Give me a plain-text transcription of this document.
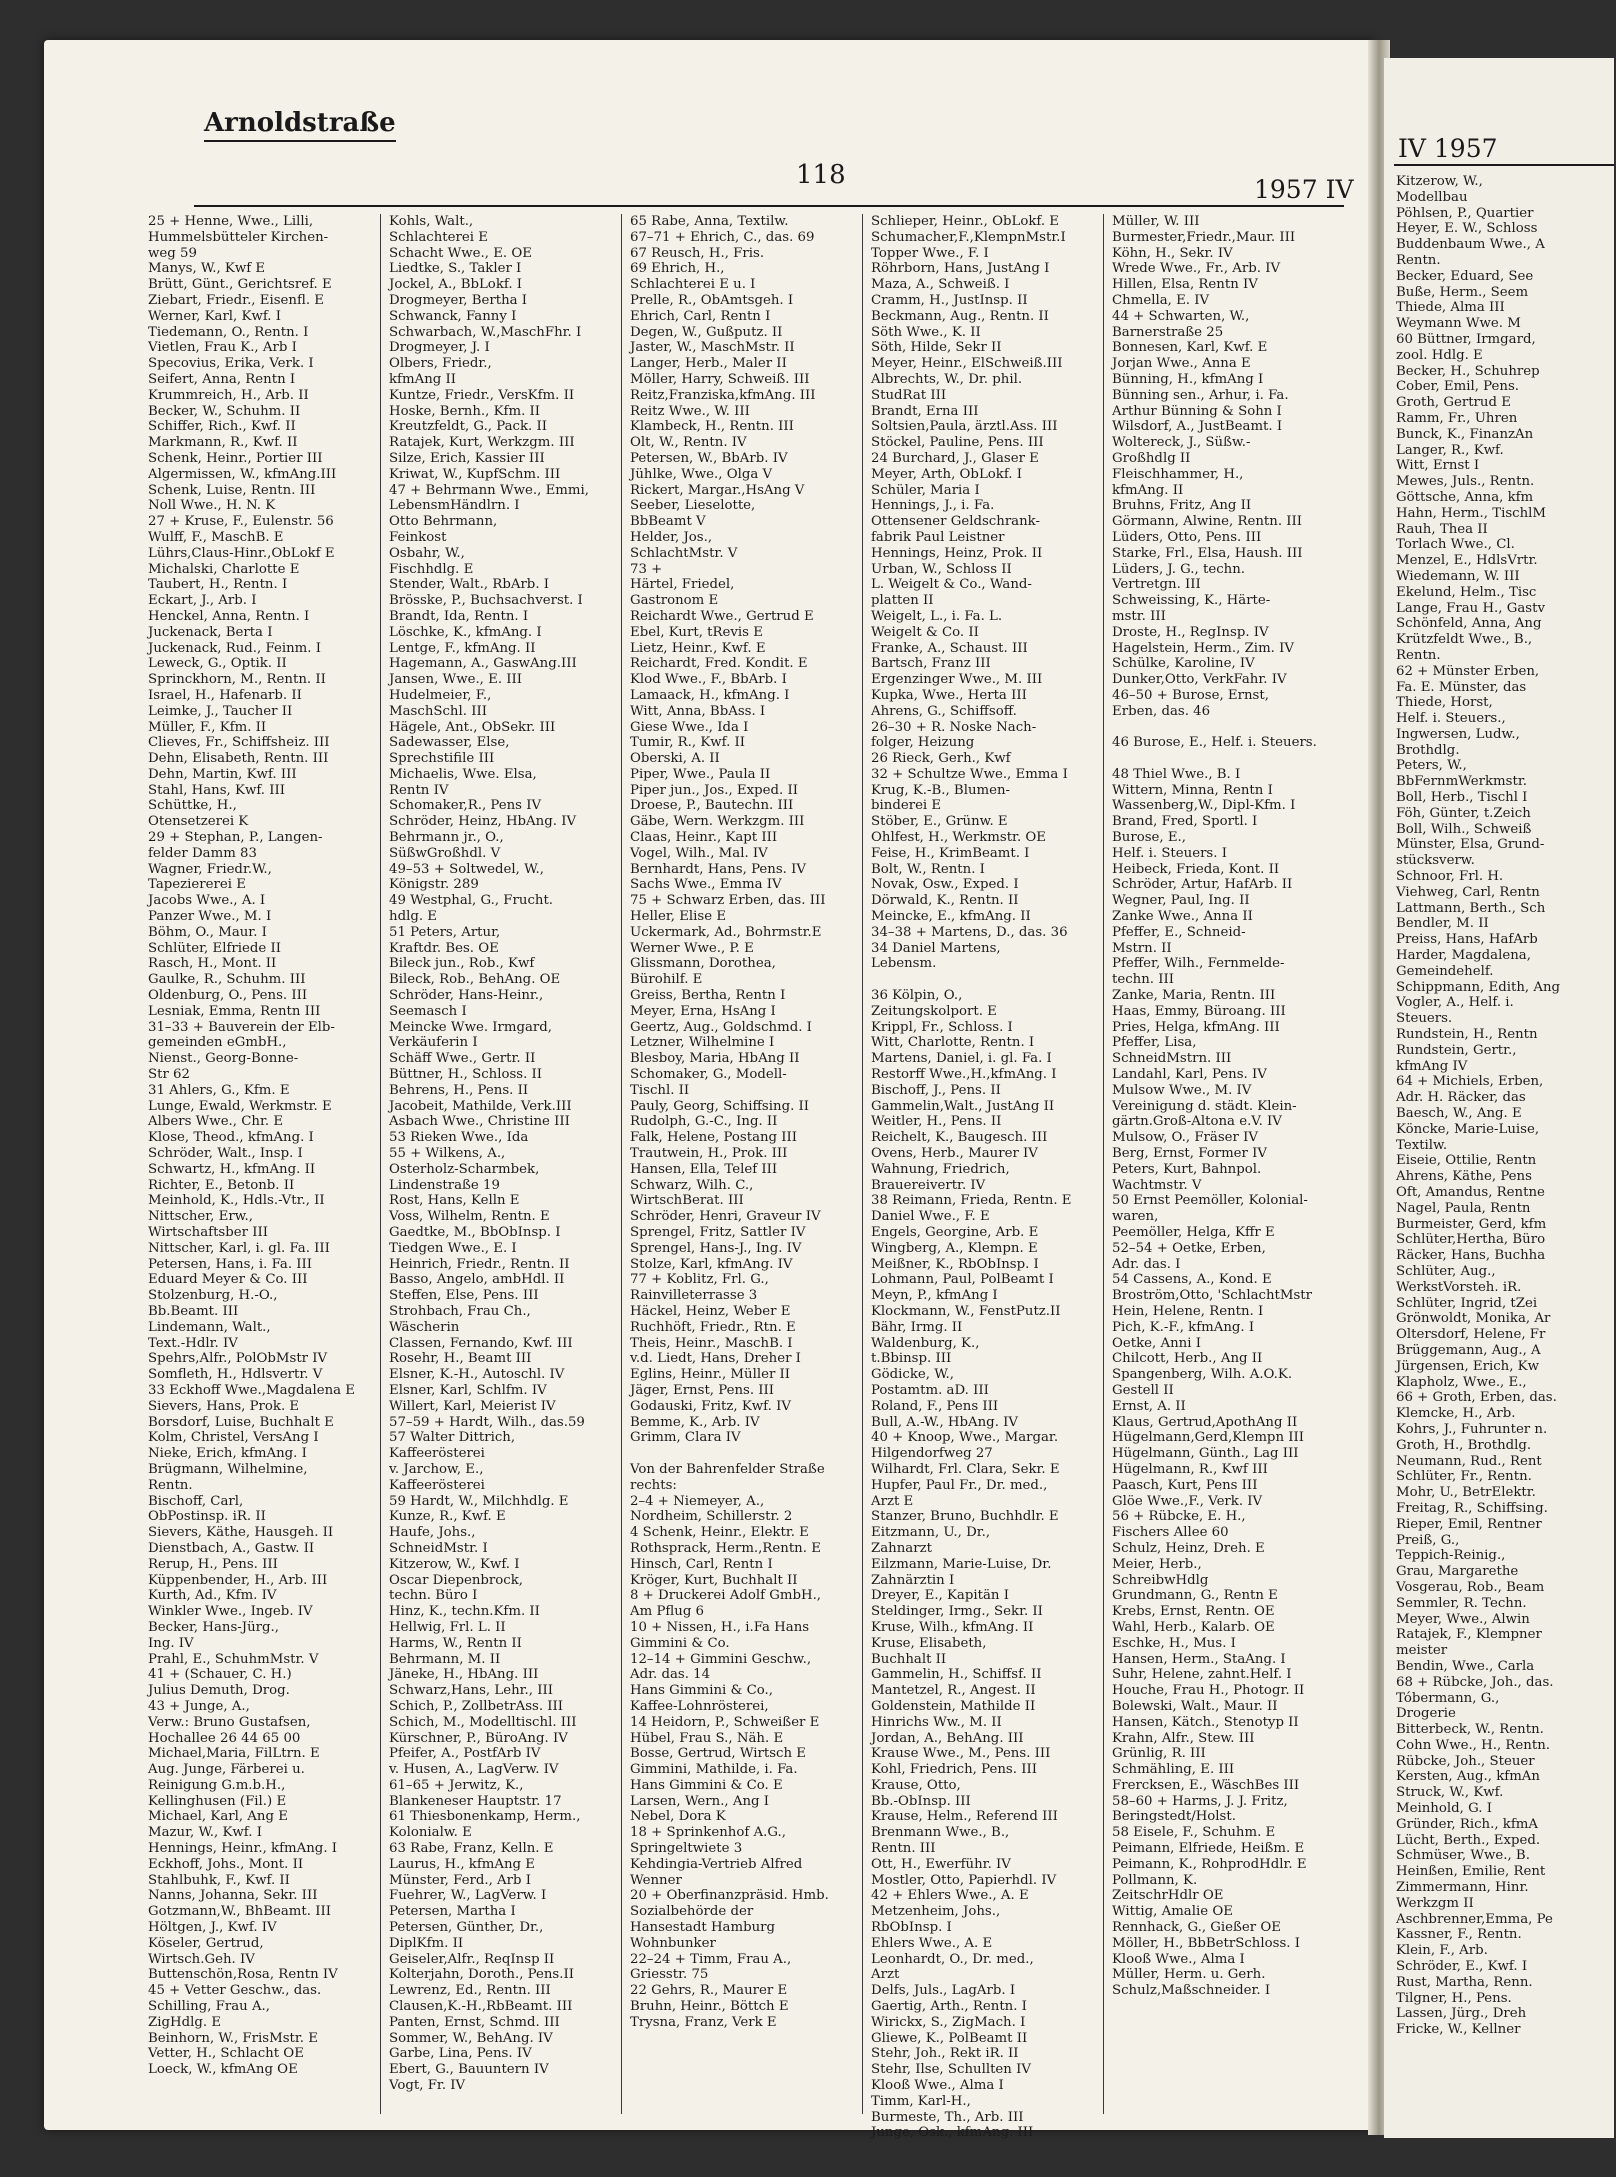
Arnoldstraße
118	1957 IV
25 + Henne, Wwe., Lilli,
Hummelsbütteler Kirchen-
weg 59
Manys, W., Kwf E
Brütt, Günt., Gerichtsref. E
Ziebart, Friedr., Eisenfl. E
Werner, Karl, Kwf. I
Tiedemann, O., Rentn. I
Vietlen, Frau K., Arb I
Specovius, Erika, Verk. I
Seifert, Anna, Rentn I
Krummreich, H., Arb. II
Becker, W., Schuhm. II
Schiffer, Rich., Kwf. II
Markmann, R., Kwf. II
Schenk, Heinr., Portier III
Algermissen, W., kfmAng.III
Schenk, Luise, Rentn. III
Noll Wwe., H. N. K
27 + Kruse, F., Eulenstr. 56
Wulff, F., MaschB. E
Lührs,Claus-Hinr.,ObLokf E
Michalski, Charlotte E
Taubert, H., Rentn. I
Eckart, J., Arb. I
Henckel, Anna, Rentn. I
Juckenack, Berta I
Juckenack, Rud., Feinm. I
Leweck, G., Optik. II
Sprinckhorn, M., Rentn. II
Israel, H., Hafenarb. II
Leimke, J., Taucher II
Müller, F., Kfm. II
Clieves, Fr., Schiffsheiz. III
Dehn, Elisabeth, Rentn. III
Dehn, Martin, Kwf. III
Stahl, Hans, Kwf. III
Schüttke, H.,
Otensetzerei K
29 + Stephan, P., Langen-
felder Damm 83
Wagner, Friedr.W.,
Tapeziererei E
Jacobs Wwe., A. I
Panzer Wwe., M. I
Böhm, O., Maur. I
Schlüter, Elfriede II
Rasch, H., Mont. II
Gaulke, R., Schuhm. III
Oldenburg, O., Pens. III
Lesniak, Emma, Rentn III
31–33 + Bauverein der Elb-
gemeinden eGmbH.,
Nienst., Georg-Bonne-
Str 62
31 Ahlers, G., Kfm. E
Lunge, Ewald, Werkmstr. E
Albers Wwe., Chr. E
Klose, Theod., kfmAng. I
Schröder, Walt., Insp. I
Schwartz, H., kfmAng. II
Richter, E., Betonb. II
Meinhold, K., Hdls.-Vtr., II
Nittscher, Erw.,
Wirtschaftsber III
Nittscher, Karl, i. gl. Fa. III
Petersen, Hans, i. Fa. III
Eduard Meyer & Co. III
Stolzenburg, H.-O.,
Bb.Beamt. III
Lindemann, Walt.,
Text.-Hdlr. IV
Spehrs,Alfr., PolObMstr IV
Somfleth, H., Hdlsvertr. V
33 Eckhoff Wwe.,Magdalena E
Sievers, Hans, Prok. E
Borsdorf, Luise, Buchhalt E
Kolm, Christel, VersAng I
Nieke, Erich, kfmAng. I
Brügmann, Wilhelmine,
Rentn.
Bischoff, Carl,
ObPostinsp. iR. II
Sievers, Käthe, Hausgeh. II
Dienstbach, A., Gastw. II
Rerup, H., Pens. III
Küppenbender, H., Arb. III
Kurth, Ad., Kfm. IV
Winkler Wwe., Ingeb. IV
Becker, Hans-Jürg.,
Ing. IV
Prahl, E., SchuhmMstr. V
41 + (Schauer, C. H.)
Julius Demuth, Drog.
43 + Junge, A.,
Verw.: Bruno Gustafsen,
Hochallee 26 44 65 00
Michael,Maria, FilLtrn. E
Aug. Junge, Färberei u.
Reinigung G.m.b.H.,
Kellinghusen (Fil.) E
Michael, Karl, Ang E
Mazur, W., Kwf. I
Hennings, Heinr., kfmAng. I
Eckhoff, Johs., Mont. II
Stahlbuhk, F., Kwf. II
Nanns, Johanna, Sekr. III
Gotzmann,W., BhBeamt. III
Höltgen, J., Kwf. IV
Köseler, Gertrud,
Wirtsch.Geh. IV
Buttenschön,Rosa, Rentn IV
45 + Vetter Geschw., das.
Schilling, Frau A.,
ZigHdlg. E
Beinhorn, W., FrisMstr. E
Vetter, H., Schlacht OE
Loeck, W., kfmAng OE
Kohls, Walt.,
Schlachterei E
Schacht Wwe., E. OE
Liedtke, S., Takler I
Jockel, A., BbLokf. I
Drogmeyer, Bertha I
Schwanck, Fanny I
Schwarbach, W.,MaschFhr. I
Drogmeyer, J. I
Olbers, Friedr.,
kfmAng II
Kuntze, Friedr., VersKfm. II
Hoske, Bernh., Kfm. II
Kreutzfeldt, G., Pack. II
Ratajek, Kurt, Werkzgm. III
Silze, Erich, Kassier III
Kriwat, W., KupfSchm. III
47 + Behrmann Wwe., Emmi,
LebensmHändlrn. I
Otto Behrmann,
Feinkost
Osbahr, W.,
Fischhdlg. E
Stender, Walt., RbArb. I
Brösske, P., Buchsachverst. I
Brandt, Ida, Rentn. I
Löschke, K., kfmAng. I
Lentge, F., kfmAng. II
Hagemann, A., GaswAng.III
Jansen, Wwe., E. III
Hudelmeier, F.,
MaschSchl. III
Hägele, Ant., ObSekr. III
Sadewasser, Else,
Sprechstifile III
Michaelis, Wwe. Elsa,
Rentn IV
Schomaker,R., Pens IV
Schröder, Heinz, HbAng. IV
Behrmann jr., O.,
SüßwGroßhdl. V
49–53 + Soltwedel, W.,
Königstr. 289
49 Westphal, G., Frucht.
hdlg. E
51 Peters, Artur,
Kraftdr. Bes. OE
Bileck jun., Rob., Kwf
Bileck, Rob., BehAng. OE
Schröder, Hans-Heinr.,
Seemasch I
Meincke Wwe. Irmgard,
Verkäuferin I
Schäff Wwe., Gertr. II
Büttner, H., Schloss. II
Behrens, H., Pens. II
Jacobeit, Mathilde, Verk.III
Asbach Wwe., Christine III
53 Rieken Wwe., Ida
55 + Wilkens, A.,
Osterholz-Scharmbek,
Lindenstraße 19
Rost, Hans, Kelln E
Voss, Wilhelm, Rentn. E
Gaedtke, M., BbObInsp. I
Tiedgen Wwe., E. I
Heinrich, Friedr., Rentn. II
Basso, Angelo, ambHdl. II
Steffen, Else, Pens. III
Strohbach, Frau Ch.,
Wäscherin
Classen, Fernando, Kwf. III
Rosehr, H., Beamt III
Elsner, K.-H., Autoschl. IV
Elsner, Karl, Schlfm. IV
Willert, Karl, Meierist IV
57–59 + Hardt, Wilh., das.59
57 Walter Dittrich,
Kaffeerösterei
v. Jarchow, E.,
Kaffeerösterei
59 Hardt, W., Milchhdlg. E
Kunze, R., Kwf. E
Haufe, Johs.,
SchneidMstr. I
Kitzerow, W., Kwf. I
Oscar Diepenbrock,
techn. Büro I
Hinz, K., techn.Kfm. II
Hellwig, Frl. L. II
Harms, W., Rentn II
Behrmann, M. II
Jäneke, H., HbAng. III
Schwarz,Hans, Lehr., III
Schich, P., ZollbetrAss. III
Schich, M., Modelltischl. III
Kürschner, P., BüroAng. IV
Pfeifer, A., PostfArb IV
v. Husen, A., LagVerw. IV
61–65 + Jerwitz, K.,
Blankeneser Hauptstr. 17
61 Thiesbonenkamp, Herm.,
Kolonialw. E
63 Rabe, Franz, Kelln. E
Laurus, H., kfmAng E
Münster, Ferd., Arb I
Fuehrer, W., LagVerw. I
Petersen, Martha I
Petersen, Günther, Dr.,
DiplKfm. II
Geiseler,Alfr., ReqInsp II
Kolterjahn, Doroth., Pens.II
Lewrenz, Ed., Rentn. III
Clausen,K.-H.,RbBeamt. III
Panten, Ernst, Schmd. III
Sommer, W., BehAng. IV
Garbe, Lina, Pens. IV
Ebert, G., Bauuntern IV
Vogt, Fr. IV
65 Rabe, Anna, Textilw.
67–71 + Ehrich, C., das. 69
67 Reusch, H., Fris.
69 Ehrich, H.,
Schlachterei E u. I
Prelle, R., ObAmtsgeh. I
Ehrich, Carl, Rentn I
Degen, W., Gußputz. II
Jaster, W., MaschMstr. II
Langer, Herb., Maler II
Möller, Harry, Schweiß. III
Reitz,Franziska,kfmAng. III
Reitz Wwe., W. III
Klambeck, H., Rentn. III
Olt, W., Rentn. IV
Petersen, W., BbArb. IV
Jühlke, Wwe., Olga V
Rickert, Margar.,HsAng V
Seeber, Lieselotte,
BbBeamt V
Helder, Jos.,
SchlachtMstr. V
73 +
Härtel, Friedel,
Gastronom E
Reichardt Wwe., Gertrud E
Ebel, Kurt, tRevis E
Lietz, Heinr., Kwf. E
Reichardt, Fred. Kondit. E
Klod Wwe., F., BbArb. I
Lamaack, H., kfmAng. I
Witt, Anna, BbAss. I
Giese Wwe., Ida I
Tumir, R., Kwf. II
Oberski, A. II
Piper, Wwe., Paula II
Piper jun., Jos., Exped. II
Droese, P., Bautechn. III
Gäbe, Wern. Werkzgm. III
Claas, Heinr., Kapt III
Vogel, Wilh., Mal. IV
Bernhardt, Hans, Pens. IV
Sachs Wwe., Emma IV
75 + Schwarz Erben, das. III
Heller, Elise E
Uckermark, Ad., Bohrmstr.E
Werner Wwe., P. E
Glissmann, Dorothea,
Bürohilf. E
Greiss, Bertha, Rentn I
Meyer, Erna, HsAng I
Geertz, Aug., Goldschmd. I
Letzner, Wilhelmine I
Blesboy, Maria, HbAng II
Schomaker, G., Modell-
Tischl. II
Pauly, Georg, Schiffsing. II
Rudolph, G.-C., Ing. II
Falk, Helene, Postang III
Trautwein, H., Prok. III
Hansen, Ella, Telef III
Schwarz, Wilh. C.,
WirtschBerat. III
Schröder, Henri, Graveur IV
Sprengel, Fritz, Sattler IV
Sprengel, Hans-J., Ing. IV
Stolze, Karl, kfmAng. IV
77 + Koblitz, Frl. G.,
Rainvilleterrasse 3
Häckel, Heinz, Weber E
Ruchhöft, Friedr., Rtn. E
Theis, Heinr., MaschB. I
v.d. Liedt, Hans, Dreher I
Eglins, Heinr., Müller II
Jäger, Ernst, Pens. III
Godauski, Fritz, Kwf. IV
Bemme, K., Arb. IV
Grimm, Clara IV
Von der Bahrenfelder Straße
rechts:
2–4 + Niemeyer, A.,
Nordheim, Schillerstr. 2
4 Schenk, Heinr., Elektr. E
Rothsprack, Herm.,Rentn. E
Hinsch, Carl, Rentn I
Kröger, Kurt, Buchhalt II
8 + Druckerei Adolf GmbH.,
Am Pflug 6
10 + Nissen, H., i.Fa Hans
Gimmini & Co.
12–14 + Gimmini Geschw.,
Adr. das. 14
Hans Gimmini & Co.,
Kaffee-Lohnrösterei,
14 Heidorn, P., Schweißer E
Hübel, Frau S., Näh. E
Bosse, Gertrud, Wirtsch E
Gimmini, Mathilde, i. Fa.
Hans Gimmini & Co. E
Larsen, Wern., Ang I
Nebel, Dora K
18 + Sprinkenhof A.G.,
Springeltwiete 3
Kehdingia-Vertrieb Alfred
Wenner
20 + Oberfinanzpräsid. Hmb.
Sozialbehörde der
Hansestadt Hamburg
Wohnbunker
22–24 + Timm, Frau A.,
Griesstr. 75
22 Gehrs, R., Maurer E
Bruhn, Heinr., Böttch E
Trysna, Franz, Verk E
Schlieper, Heinr., ObLokf. E
Schumacher,F.,KlempnMstr.I
Topper Wwe., F. I
Röhrborn, Hans, JustAng I
Maza, A., Schweiß. I
Cramm, H., JustInsp. II
Beckmann, Aug., Rentn. II
Söth Wwe., K. II
Söth, Hilde, Sekr II
Meyer, Heinr., ElSchweiß.III
Albrechts, W., Dr. phil.
StudRat III
Brandt, Erna III
Soltsien,Paula, ärztl.Ass. III
Stöckel, Pauline, Pens. III
24 Burchard, J., Glaser E
Meyer, Arth, ObLokf. I
Schüler, Maria I
Hennings, J., i. Fa.
Ottensener Geldschrank-
fabrik Paul Leistner
Hennings, Heinz, Prok. II
Urban, W., Schloss II
L. Weigelt & Co., Wand-
platten II
Weigelt, L., i. Fa. L.
Weigelt & Co. II
Franke, A., Schaust. III
Bartsch, Franz III
Ergenzinger Wwe., M. III
Kupka, Wwe., Herta III
Ahrens, G., Schiffsoff.
26–30 + R. Noske Nach-
folger, Heizung
26 Rieck, Gerh., Kwf
32 + Schultze Wwe., Emma I
Krug, K.-B., Blumen-
binderei E
Stöber, E., Grünw. E
Ohlfest, H., Werkmstr. OE
Feise, H., KrimBeamt. I
Bolt, W., Rentn. I
Novak, Osw., Exped. I
Dörwald, K., Rentn. II
Meincke, E., kfmAng. II
34–38 + Martens, D., das. 36
34 Daniel Martens,
Lebensm.
36 Kölpin, O.,
Zeitungskolport. E
Krippl, Fr., Schloss. I
Witt, Charlotte, Rentn. I
Martens, Daniel, i. gl. Fa. I
Restorff Wwe.,H.,kfmAng. I
Bischoff, J., Pens. II
Gammelin,Walt., JustAng II
Weitler, H., Pens. II
Reichelt, K., Baugesch. III
Ovens, Herb., Maurer IV
Wahnung, Friedrich,
Brauereivertr. IV
38 Reimann, Frieda, Rentn. E
Daniel Wwe., F. E
Engels, Georgine, Arb. E
Wingberg, A., Klempn. E
Meißner, K., RbObInsp. I
Lohmann, Paul, PolBeamt I
Meyn, P., kfmAng I
Klockmann, W., FenstPutz.II
Bähr, Irmg. II
Waldenburg, K.,
t.Bbinsp. III
Gödicke, W.,
Postamtm. aD. III
Roland, F., Pens III
Bull, A.-W., HbAng. IV
40 + Knoop, Wwe., Margar.
Hilgendorfweg 27
Wilhardt, Frl. Clara, Sekr. E
Hupfer, Paul Fr., Dr. med.,
Arzt E
Stanzer, Bruno, Buchhdlr. E
Eitzmann, U., Dr.,
Zahnarzt
Eilzmann, Marie-Luise, Dr.
Zahnärztin I
Dreyer, E., Kapitän I
Steldinger, Irmg., Sekr. II
Kruse, Wilh., kfmAng. II
Kruse, Elisabeth,
Buchhalt II
Gammelin, H., Schiffsf. II
Mantetzel, R., Angest. II
Goldenstein, Mathilde II
Hinrichs Ww., M. II
Jordan, A., BehAng. III
Krause Wwe., M., Pens. III
Kohl, Friedrich, Pens. III
Krause, Otto,
Bb.-ObInsp. III
Krause, Helm., Referend III
Brenmann Wwe., B.,
Rentn. III
Ott, H., Ewerführ. IV
Mostler, Otto, Papierhdl. IV
42 + Ehlers Wwe., A. E
Metzenheim, Johs.,
RbObInsp. I
Ehlers Wwe., A. E
Leonhardt, O., Dr. med.,
Arzt
Delfs, Juls., LagArb. I
Gaertig, Arth., Rentn. I
Wirickx, S., ZigMach. I
Gliewe, K., PolBeamt II
Stehr, Joh., Rekt iR. II
Stehr, Ilse, Schullten IV
Klooß Wwe., Alma I
Timm, Karl-H.,
Burmeste, Th., Arb. III
Junge, Osk., kfmAng. III
Müller, W. III
Burmester,Friedr.,Maur. III
Köhn, H., Sekr. IV
Wrede Wwe., Fr., Arb. IV
Hillen, Elsa, Rentn IV
Chmella, E. IV
44 + Schwarten, W.,
Barnerstraße 25
Bonnesen, Karl, Kwf. E
Jorjan Wwe., Anna E
Bünning, H., kfmAng I
Bünning sen., Arhur, i. Fa.
Arthur Bünning & Sohn I
Wilsdorf, A., JustBeamt. I
Woltereck, J., Süßw.-
Großhdlg II
Fleischhammer, H.,
kfmAng. II
Bruhns, Fritz, Ang II
Görmann, Alwine, Rentn. III
Lüders, Otto, Pens. III
Starke, Frl., Elsa, Haush. III
Lüders, J. G., techn.
Vertretgn. III
Schweissing, K., Härte-
mstr. III
Droste, H., RegInsp. IV
Hagelstein, Herm., Zim. IV
Schülke, Karoline, IV
Dunker,Otto, VerkFahr. IV
46–50 + Burose, Ernst,
Erben, das. 46
46 Burose, E., Helf. i. Steuers.
48 Thiel Wwe., B. I
Wittern, Minna, Rentn I
Wassenberg,W., Dipl-Kfm. I
Brand, Fred, Sportl. I
Burose, E.,
Helf. i. Steuers. I
Heibeck, Frieda, Kont. II
Schröder, Artur, HafArb. II
Wegner, Paul, Ing. II
Zanke Wwe., Anna II
Pfeffer, E., Schneid-
Mstrn. II
Pfeffer, Wilh., Fernmelde-
techn. III
Zanke, Maria, Rentn. III
Haas, Emmy, Büroang. III
Pries, Helga, kfmAng. III
Pfeffer, Lisa,
SchneidMstrn. III
Landahl, Karl, Pens. IV
Mulsow Wwe., M. IV
Vereinigung d. städt. Klein-
gärtn.Groß-Altona e.V. IV
Mulsow, O., Fräser IV
Berg, Ernst, Former IV
Peters, Kurt, Bahnpol.
Wachtmstr. V
50 Ernst Peemöller, Kolonial-
waren,
Peemöller, Helga, Kffr E
52–54 + Oetke, Erben,
Adr. das. I
54 Cassens, A., Kond. E
Broström,Otto, 'SchlachtMstr
Hein, Helene, Rentn. I
Pich, K.-F., kfmAng. I
Oetke, Anni I
Chilcott, Herb., Ang II
Spangenberg, Wilh. A.O.K.
Gestell II
Ernst, A. II
Klaus, Gertrud,ApothAng II
Hügelmann,Gerd,Klempn III
Hügelmann, Günth., Lag III
Hügelmann, R., Kwf III
Paasch, Kurt, Pens III
Glöe Wwe.,F., Verk. IV
56 + Rübcke, E. H.,
Fischers Allee 60
Schulz, Heinz, Dreh. E
Meier, Herb.,
SchreibwHdlg
Grundmann, G., Rentn E
Krebs, Ernst, Rentn. OE
Wahl, Herb., Kalarb. OE
Eschke, H., Mus. I
Hansen, Herm., StaAng. I
Suhr, Helene, zahnt.Helf. I
Houche, Frau H., Photogr. II
Bolewski, Walt., Maur. II
Hansen, Kätch., Stenotyp II
Krahn, Alfr., Stew. III
Grünlig, R. III
Schmähling, E. III
Frercksen, E., WäschBes III
58–60 + Harms, J. J. Fritz,
Beringstedt/Holst.
58 Eisele, F., Schuhm. E
Peimann, Elfriede, Heißm. E
Peimann, K., RohprodHdlr. E
Pollmann, K.
ZeitschrHdlr OE
Wittig, Amalie OE
Rennhack, G., Gießer OE
Möller, H., BbBetrSchloss. I
Klooß Wwe., Alma I
Müller, Herm. u. Gerh.
Schulz,Maßschneider. I
IV 1957
Kitzerow, W.,
Modellbau
Pöhlsen, P., Quartier
Heyer, E. W., Schloss
Buddenbaum Wwe., A
Rentn.
Becker, Eduard, See
Buße, Herm., Seem
Thiede, Alma III
Weymann Wwe. M
60 Büttner, Irmgard,
zool. Hdlg. E
Becker, H., Schuhrep
Cober, Emil, Pens.
Groth, Gertrud E
Ramm, Fr., Uhren
Bunck, K., FinanzAn
Langer, R., Kwf.
Witt, Ernst I
Mewes, Juls., Rentn.
Göttsche, Anna, kfm
Hahn, Herm., TischlM
Rauh, Thea II
Torlach Wwe., Cl.
Menzel, E., HdlsVrtr.
Wiedemann, W. III
Ekelund, Helm., Tisc
Lange, Frau H., Gastv
Schönfeld, Anna, Ang
Krützfeldt Wwe., B.,
Rentn.
62 + Münster Erben,
Fa. E. Münster, das
Thiede, Horst,
Helf. i. Steuers.,
Ingwersen, Ludw.,
Brothdlg.
Peters, W.,
BbFernmWerkmstr.
Boll, Herb., Tischl I
Föh, Günter, t.Zeich
Boll, Wilh., Schweiß
Münster, Elsa, Grund-
stücksverw.
Schnoor, Frl. H.
Viehweg, Carl, Rentn
Lattmann, Berth., Sch
Bendler, M. II
Preiss, Hans, HafArb
Harder, Magdalena,
Gemeindehelf.
Schippmann, Edith, Ang
Vogler, A., Helf. i.
Steuers.
Rundstein, H., Rentn
Rundstein, Gertr.,
kfmAng IV
64 + Michiels, Erben,
Adr. H. Räcker, das
Baesch, W., Ang. E
Köncke, Marie-Luise,
Textilw.
Eiseie, Ottilie, Rentn
Ahrens, Käthe, Pens
Oft, Amandus, Rentne
Nagel, Paula, Rentn
Burmeister, Gerd, kfm
Schlüter,Hertha, Büro
Räcker, Hans, Buchha
Schlüter, Aug.,
WerkstVorsteh. iR.
Schlüter, Ingrid, tZei
Grönwoldt, Monika, Ar
Oltersdorf, Helene, Fr
Brüggemann, Aug., A
Jürgensen, Erich, Kw
Klapholz, Wwe., E.,
66 + Groth, Erben, das.
Klemcke, H., Arb.
Kohrs, J., Fuhrunter n.
Groth, H., Brothdlg.
Neumann, Rud., Rent
Schlüter, Fr., Rentn.
Mohr, U., BetrElektr.
Freitag, R., Schiffsing.
Rieper, Emil, Rentner
Preiß, G.,
Teppich-Reinig.,
Grau, Margarethe
Vosgerau, Rob., Beam
Semmler, R. Techn.
Meyer, Wwe., Alwin
Ratajek, F., Klempner
meister
Bendin, Wwe., Carla
68 + Rübcke, Joh., das.
Tóbermann, G.,
Drogerie
Bitterbeck, W., Rentn.
Cohn Wwe., H., Rentn.
Rübcke, Joh., Steuer
Kersten, Aug., kfmAn
Struck, W., Kwf.
Meinhold, G. I
Gründer, Rich., kfmA
Lücht, Berth., Exped.
Schmüser, Wwe., B.
Heinßen, Emilie, Rent
Zimmermann, Hinr.
Werkzgm II
Aschbrenner,Emma, Pe
Kassner, F., Rentn.
Klein, F., Arb.
Schröder, E., Kwf. I
Rust, Martha, Renn.
Tilgner, H., Pens.
Lassen, Jürg., Dreh
Fricke, W., Kellner
